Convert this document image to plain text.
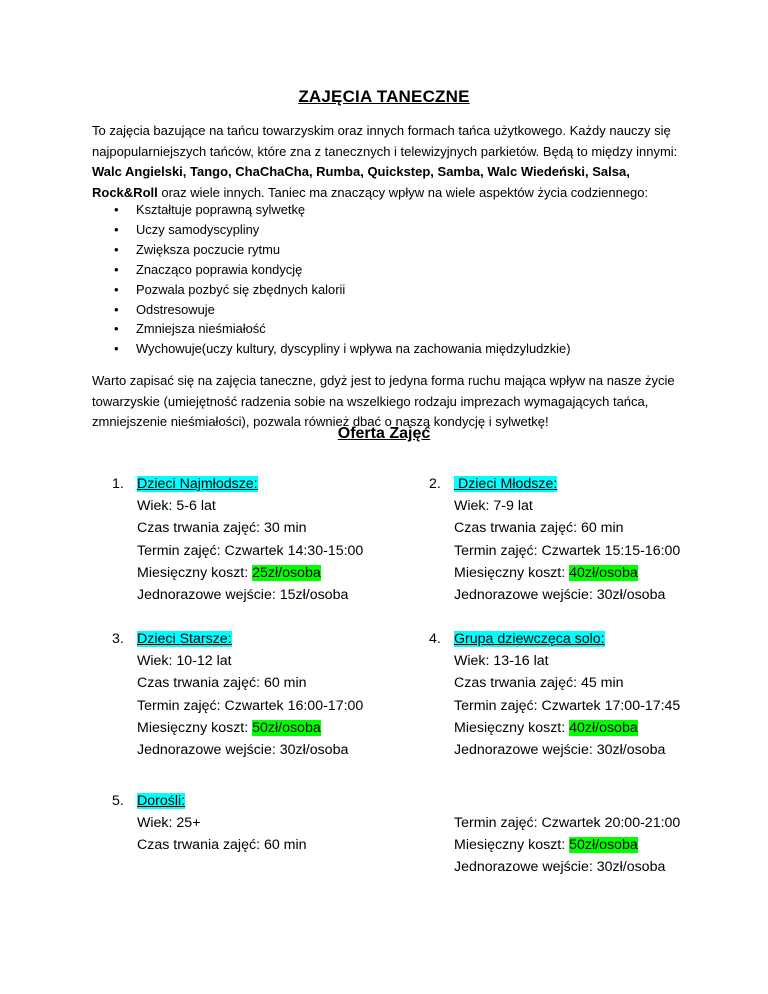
ZAJĘCIA TANECZNE
To zajęcia bazujące na tańcu towarzyskim oraz innych formach tańca użytkowego. Każdy nauczy się najpopularniejszych tańców, które zna z tanecznych i telewizyjnych parkietów. Będą to między innymi: Walc Angielski, Tango, ChaChaCha, Rumba, Quickstep, Samba, Walc Wiedeński, Salsa, Rock&Roll oraz wiele innych. Taniec ma znaczący wpływ na wiele aspektów życia codziennego:
• Kształtuje poprawną sylwetkę
• Uczy samodyscypliny
• Zwiększa poczucie rytmu
• Znacząco poprawia kondycję
• Pozwala pozbyć się zbędnych kalorii
• Odstresowuje
• Zmniejsza nieśmiałość
• Wychowuje(uczy kultury, dyscypliny i wpływa na zachowania międzyludzkie)
Warto zapisać się na zajęcia taneczne, gdyż jest to jedyna forma ruchu mająca wpływ na nasze życie towarzyskie (umiejętność radzenia sobie na wszelkiego rodzaju imprezach wymagających tańca, zmniejszenie nieśmiałości), pozwala również dbać o naszą kondycję i sylwetkę!
Oferta Zajęć
1. Dzieci Najmłodsze:
Wiek: 5-6 lat
Czas trwania zajęć: 30 min
Termin zajęć: Czwartek 14:30-15:00
Miesięczny koszt: 25zł/osoba
Jednorazowe wejście: 15zł/osoba
2. Dzieci Młodsze:
Wiek: 7-9 lat
Czas trwania zajęć: 60 min
Termin zajęć: Czwartek 15:15-16:00
Miesięczny koszt: 40zł/osoba
Jednorazowe wejście: 30zł/osoba
3. Dzieci Starsze:
Wiek: 10-12 lat
Czas trwania zajęć: 60 min
Termin zajęć: Czwartek 16:00-17:00
Miesięczny koszt: 50zł/osoba
Jednorazowe wejście: 30zł/osoba
4. Grupa dziewczęca solo:
Wiek: 13-16 lat
Czas trwania zajęć: 45 min
Termin zajęć: Czwartek 17:00-17:45
Miesięczny koszt: 40zł/osoba
Jednorazowe wejście: 30zł/osoba
5. Dorośli:
Wiek: 25+
Czas trwania zajęć: 60 min
Termin zajęć: Czwartek 20:00-21:00
Miesięczny koszt: 50zł/osoba
Jednorazowe wejście: 30zł/osoba
